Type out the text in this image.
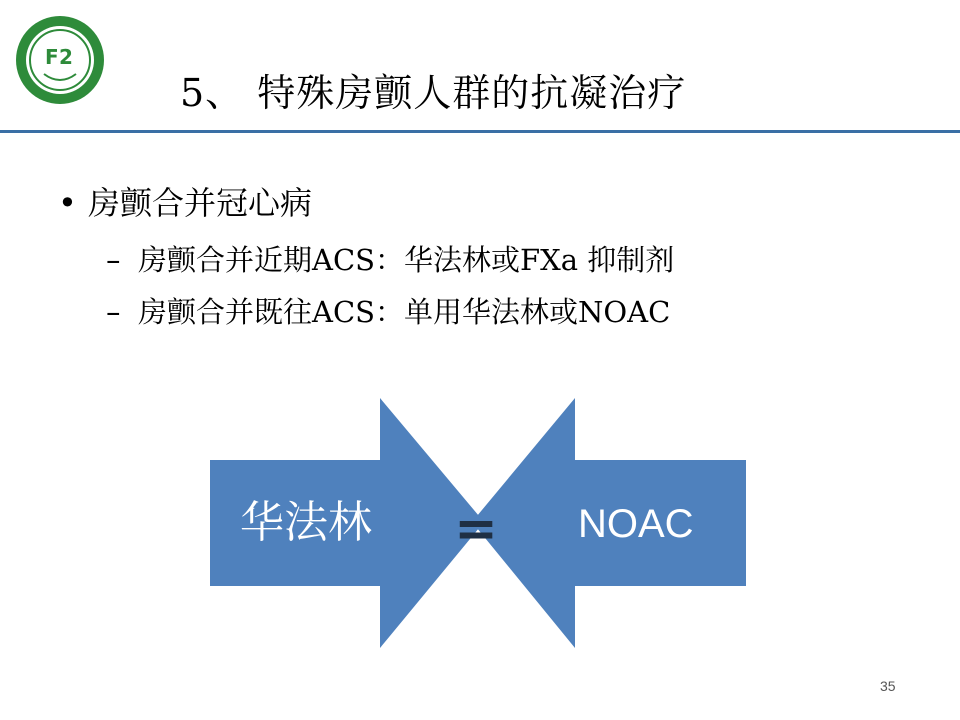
F 2
5、 特殊房颤人群的抗凝治疗
• 房颤合并冠心病
– 房颤合并近期ACS：华法林或FXa 抑制剂
– 房颤合并既往ACS：单用华法林或NOAC
华法林	NOAC
=
35
